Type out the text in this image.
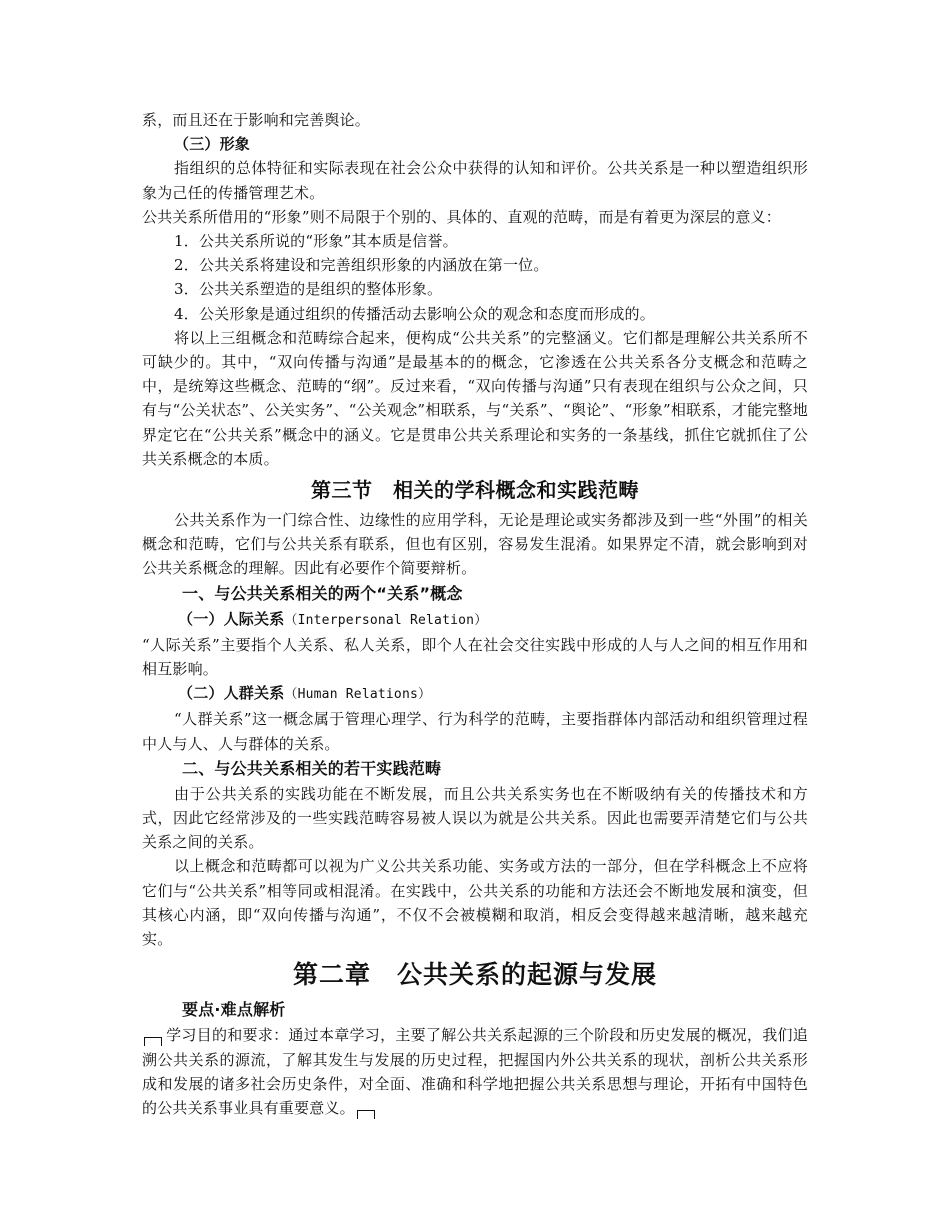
系，而且还在于影响和完善舆论。

（三）形象

指组织的总体特征和实际表现在社会公众中获得的认知和评价。公共关系是一种以塑造组织形象为己任的传播管理艺术。

公共关系所借用的“形象”则不局限于个别的、具体的、直观的范畴，而是有着更为深层的意义：

1．公共关系所说的“形象”其本质是信誉。

2．公共关系将建设和完善组织形象的内涵放在第一位。

3．公共关系塑造的是组织的整体形象。

4．公关形象是通过组织的传播活动去影响公众的观念和态度而形成的。

将以上三组概念和范畴综合起来，便构成“公共关系”的完整涵义。它们都是理解公共关系所不可缺少的。其中，“双向传播与沟通”是最基本的的概念，它渗透在公共关系各分支概念和范畴之中，是统筹这些概念、范畴的“纲”。反过来看，“双向传播与沟通”只有表现在组织与公众之间，只有与“公关状态”、公关实务”、“公关观念”相联系，与“关系”、“舆论”、“形象”相联系，才能完整地界定它在“公共关系”概念中的涵义。它是贯串公共关系理论和实务的一条基线，抓住它就抓住了公共关系概念的本质。

第三节　相关的学科概念和实践范畴

公共关系作为一门综合性、边缘性的应用学科，无论是理论或实务都涉及到一些“外围”的相关概念和范畴，它们与公共关系有联系，但也有区别，容易发生混淆。如果界定不清，就会影响到对公共关系概念的理解。因此有必要作个简要辩析。

一、与公共关系相关的两个“关系”概念

（一）人际关系（Interpersonal Relation）

“人际关系”主要指个人关系、私人关系，即个人在社会交往实践中形成的人与人之间的相互作用和相互影响。

（二）人群关系（Human Relations）

“人群关系”这一概念属于管理心理学、行为科学的范畴，主要指群体内部活动和组织管理过程中人与人、人与群体的关系。

二、与公共关系相关的若干实践范畴

由于公共关系的实践功能在不断发展，而且公共关系实务也在不断吸纳有关的传播技术和方式，因此它经常涉及的一些实践范畴容易被人误以为就是公共关系。因此也需要弄清楚它们与公共关系之间的关系。

以上概念和范畴都可以视为广义公共关系功能、实务或方法的一部分，但在学科概念上不应将它们与“公共关系”相等同或相混淆。在实践中，公共关系的功能和方法还会不断地发展和演变，但其核心内涵，即“双向传播与沟通”，不仅不会被模糊和取消，相反会变得越来越清晰，越来越充实。

第二章　公共关系的起源与发展

要点·难点解析

学习目的和要求：通过本章学习，主要了解公共关系起源的三个阶段和历史发展的概况，我们追溯公共关系的源流，了解其发生与发展的历史过程，把握国内外公共关系的现状，剖析公共关系形成和发展的诸多社会历史条件，对全面、准确和科学地把握公共关系思想与理论，开拓有中国特色的公共关系事业具有重要意义。
